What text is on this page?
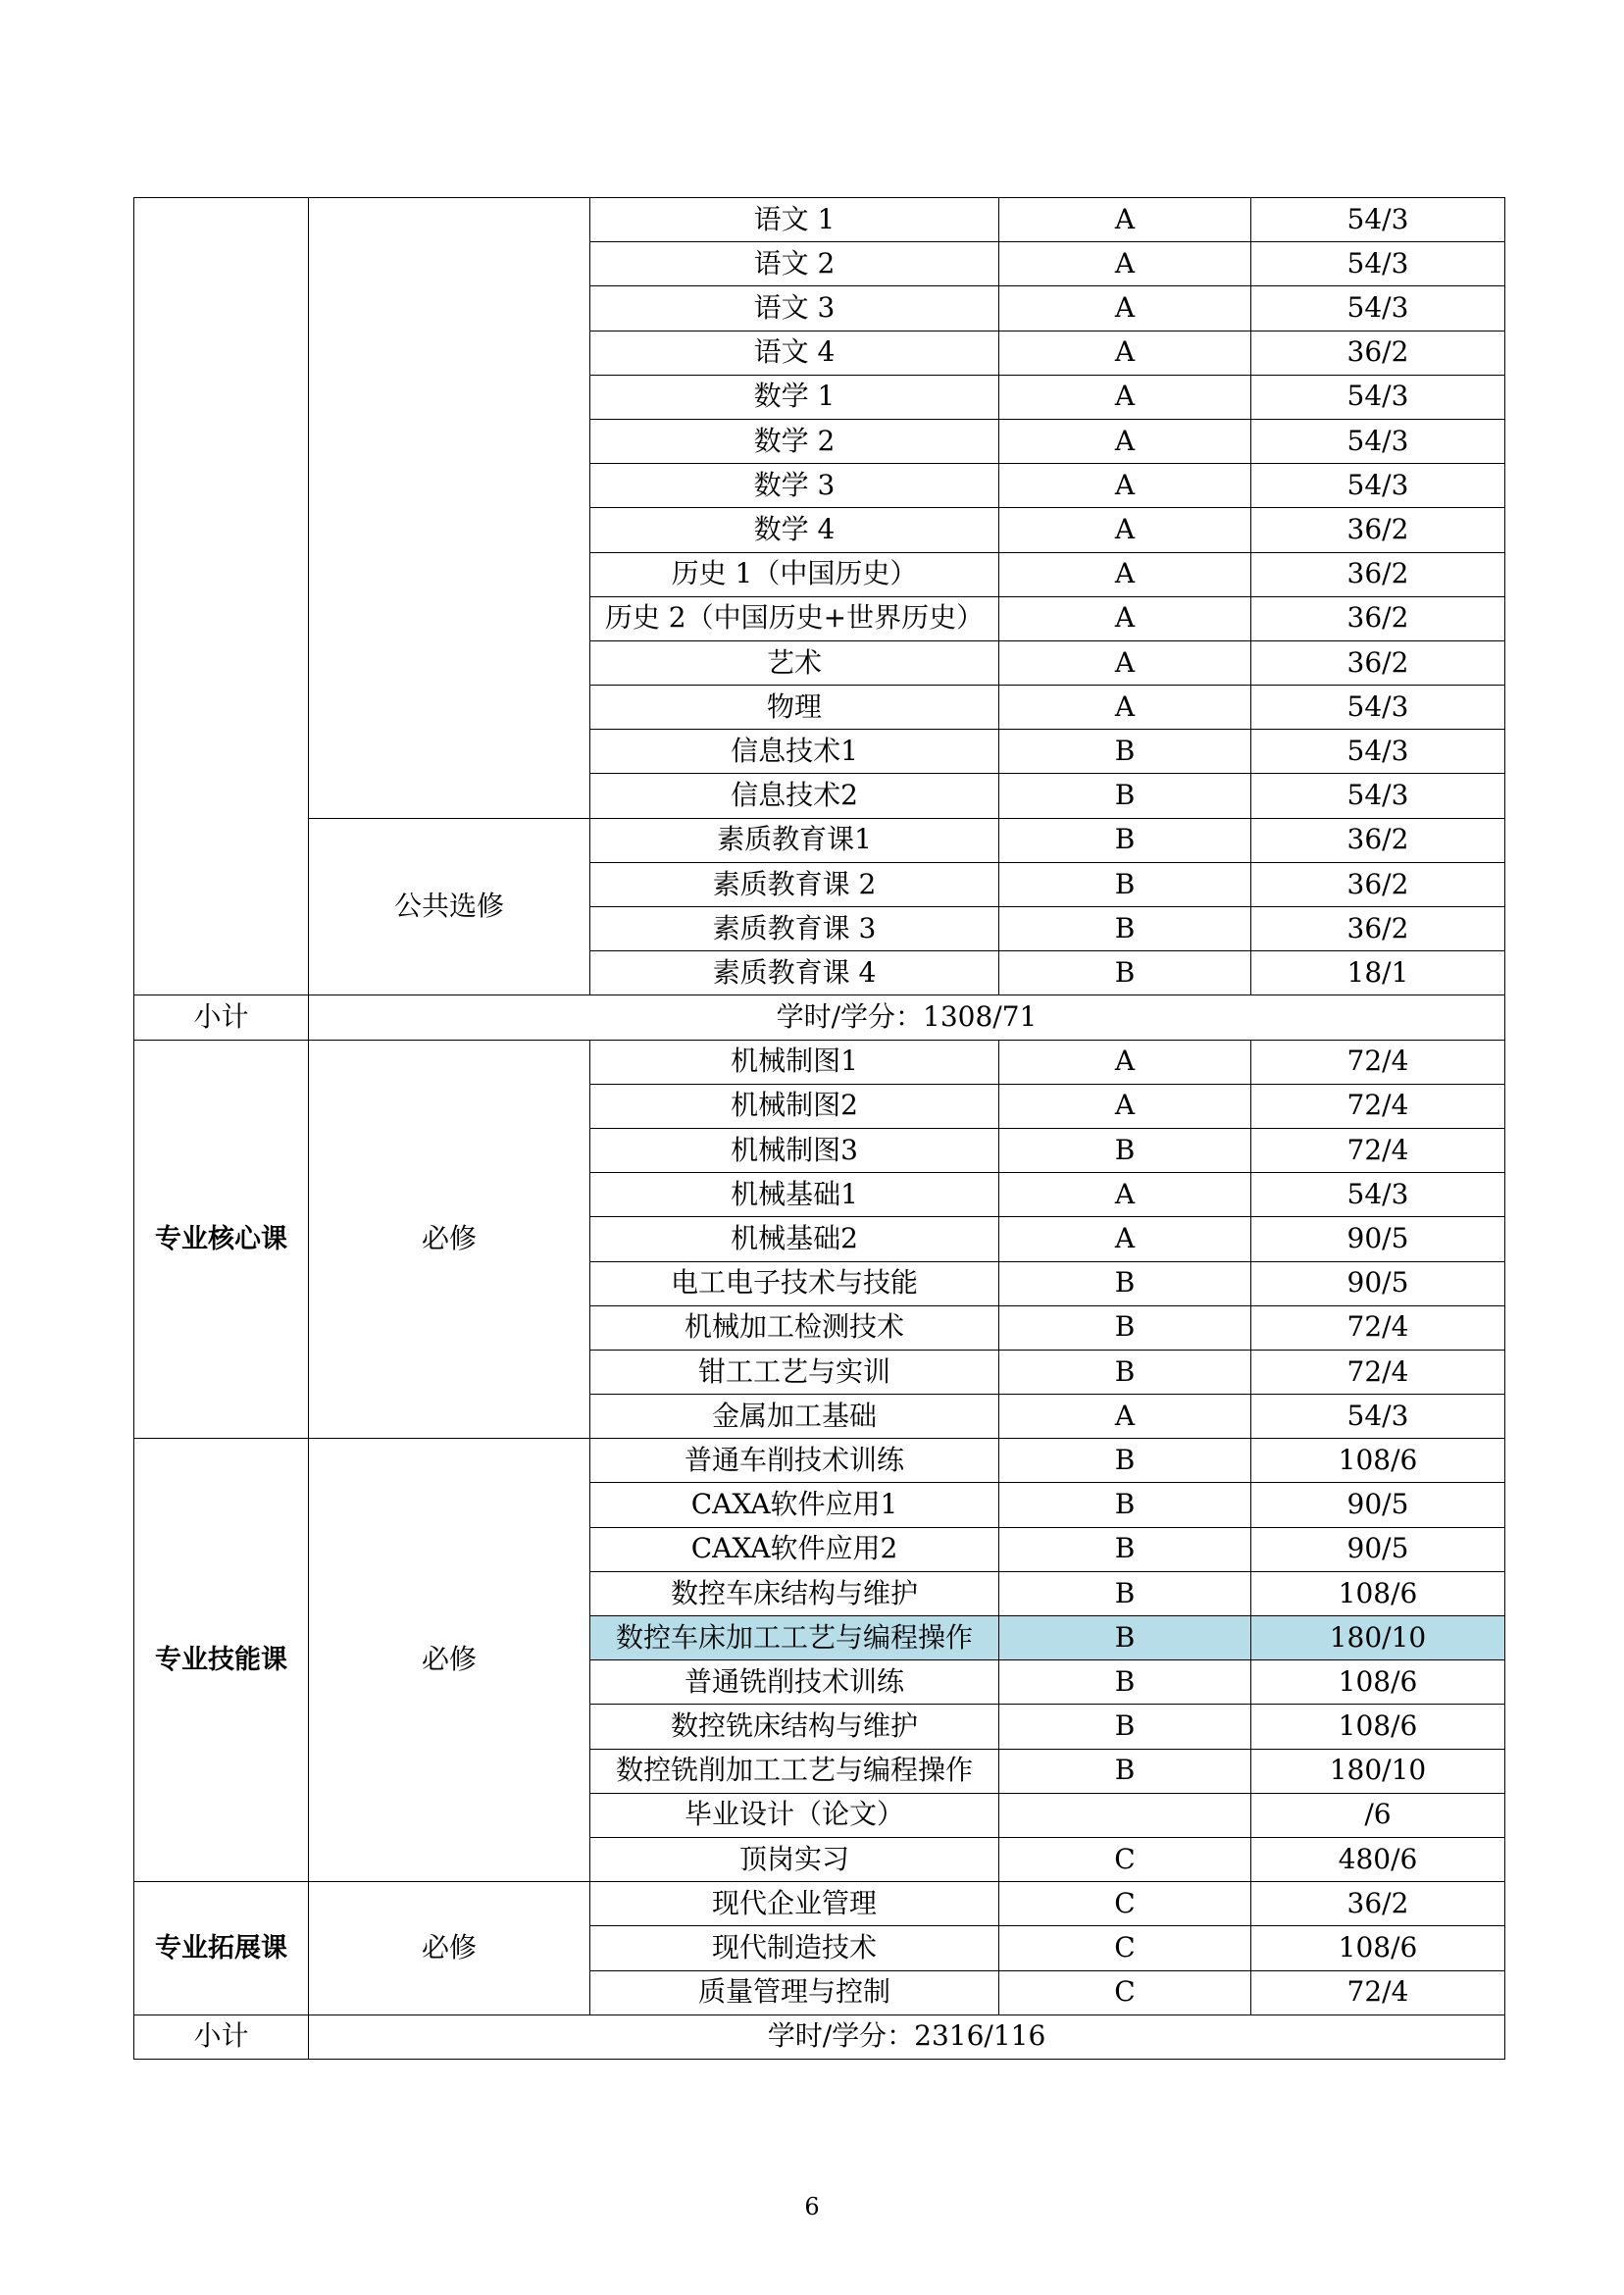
		语文 1	A	54/3
		语文 2	A	54/3
		语文 3	A	54/3
		语文 4	A	36/2
		数学 1	A	54/3
		数学 2	A	54/3
		数学 3	A	54/3
		数学 4	A	36/2
		历史 1（中国历史）	A	36/2
		历史 2（中国历史+世界历史）	A	36/2
		艺术	A	36/2
		物理	A	54/3
		信息技术1	B	54/3
		信息技术2	B	54/3
	公共选修	素质教育课1	B	36/2
		素质教育课 2	B	36/2
		素质教育课 3	B	36/2
		素质教育课 4	B	18/1
小计	学时/学分：1308/71			
专业核心课	必修	机械制图1	A	72/4
		机械制图2	A	72/4
		机械制图3	B	72/4
		机械基础1	A	54/3
		机械基础2	A	90/5
		电工电子技术与技能	B	90/5
		机械加工检测技术	B	72/4
		钳工工艺与实训	B	72/4
		金属加工基础	A	54/3
专业技能课	必修	普通车削技术训练	B	108/6
		CAXA软件应用1	B	90/5
		CAXA软件应用2	B	90/5
		数控车床结构与维护	B	108/6
		数控车床加工工艺与编程操作	B	180/10
		普通铣削技术训练	B	108/6
		数控铣床结构与维护	B	108/6
		数控铣削加工工艺与编程操作	B	180/10
		毕业设计（论文）		/6
		顶岗实习	C	480/6
专业拓展课	必修	现代企业管理	C	36/2
		现代制造技术	C	108/6
		质量管理与控制	C	72/4
小计	学时/学分：2316/116			
6
